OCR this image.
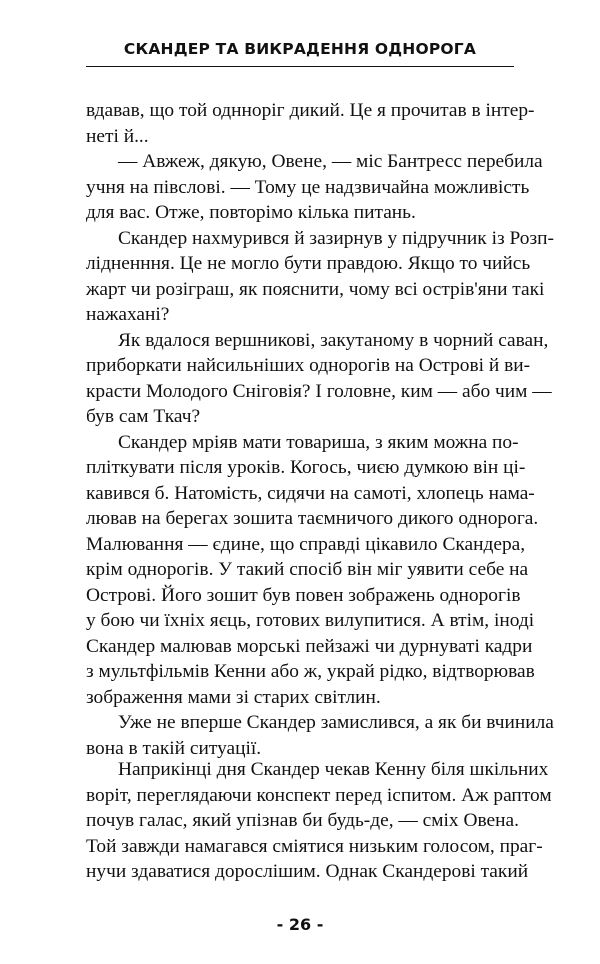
СКАНДЕР ТА ВИКРАДЕННЯ ОДНОРОГА
вдавав, що той однноріг дикий. Це я прочитав в інтер-
неті й...
— Авжеж, дякую, Овене, — міс Бантресс перебила
учня на півслові. — Тому це надзвичайна можливість
для вас. Отже, повторімо кілька питань.
Скандер нахмурився й зазирнув у підручник із Розп-
лідненння. Це не могло бути правдою. Якщо то чийсь
жарт чи розіграш, як пояснити, чому всі острів'яни такі
нажахані?
Як вдалося вершникові, закутаному в чорний саван,
приборкати найсильніших однорогів на Острові й ви-
красти Молодого Сніговія? І головне, ким — або чим —
був сам Ткач?
Скандер мріяв мати товариша, з яким можна по-
пліткувати після уроків. Когось, чиєю думкою він ці-
кавився б. Натомість, сидячи на самоті, хлопець нама-
лював на берегах зошита таємничого дикого однорога.
Малювання — єдине, що справді цікавило Скандера,
крім однорогів. У такий спосіб він міг уявити себе на
Острові. Його зошит був повен зображень однорогів
у бою чи їхніх яєць, готових вилупитися. А втім, іноді
Скандер малював морські пейзажі чи дурнуваті кадри
з мультфільмів Кенни або ж, украй рідко, відтворював
зображення мами зі старих світлин.
Уже не вперше Скандер замислився, а як би вчинила
вона в такій ситуації.
Наприкінці дня Скандер чекав Кенну біля шкільних
воріт, переглядаючи конспект перед іспитом. Аж раптом
почув галас, який упізнав би будь-де, — сміх Овена.
Той завжди намагався сміятися низьким голосом, праг-
нучи здаватися дорослішим. Однак Скандерові такий
- 26 -
